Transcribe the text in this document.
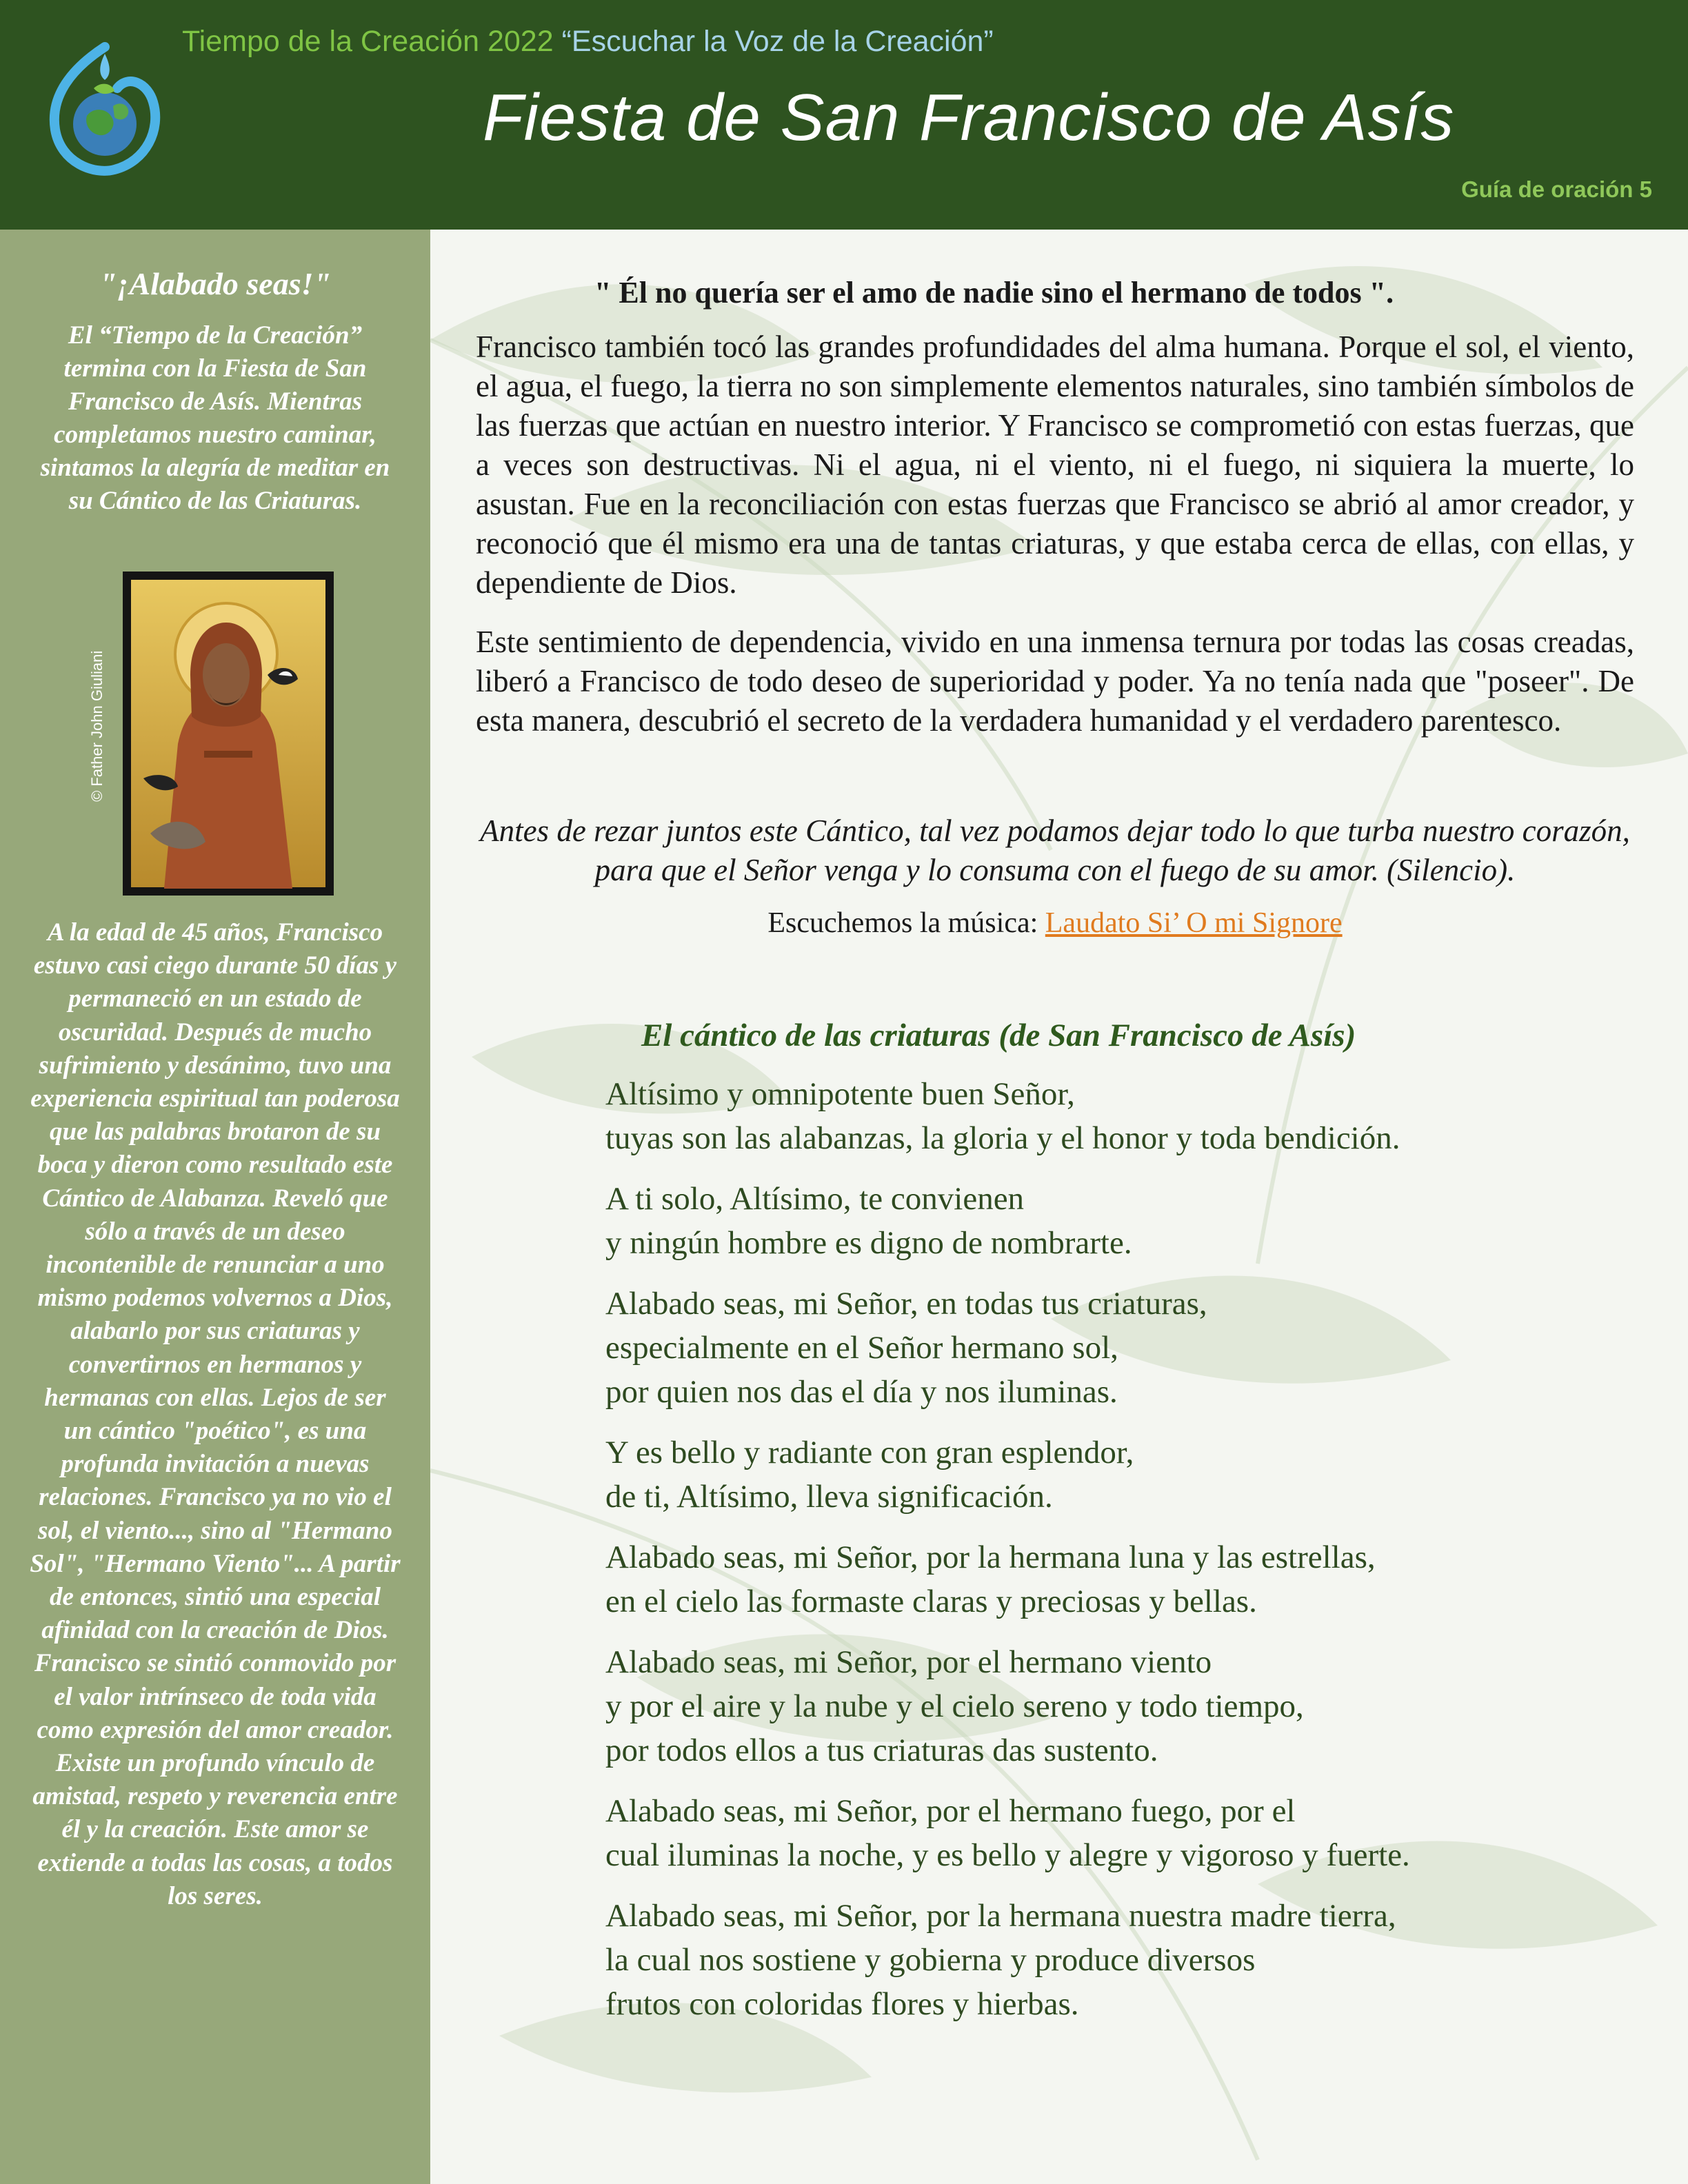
Tiempo de la Creación 2022 “Escuchar la Voz de la Creación”
Fiesta de San Francisco de Asís
Guía de oración 5
"¡Alabado seas!"
El “Tiempo de la Creación” termina con la Fiesta de San Francisco de Asís. Mientras completamos nuestro caminar, sintamos la alegría de meditar en su Cántico de las Criaturas.
© Father John Giuliani
A la edad de 45 años, Francisco estuvo casi ciego durante 50 días y permaneció en un estado de oscuridad. Después de mucho sufrimiento y desánimo, tuvo una experiencia espiritual tan poderosa que las palabras brotaron de su boca y dieron como resultado este Cántico de Alabanza. Reveló que sólo a través de un deseo incontenible de renunciar a uno mismo podemos volvernos a Dios, alabarlo por sus criaturas y convertirnos en hermanos y hermanas con ellas. Lejos de ser un cántico "poético", es una profunda invitación a nuevas relaciones. Francisco ya no vio el sol, el viento..., sino al "Hermano Sol", "Hermano Viento"... A partir de entonces, sintió una especial afinidad con la creación de Dios. Francisco se sintió conmovido por el valor intrínseco de toda vida como expresión del amor creador. Existe un profundo vínculo de amistad, respeto y reverencia entre él y la creación. Este amor se extiende a todas las cosas, a todos los seres.
" Él no quería ser el amo de nadie sino el hermano de todos ".
Francisco también tocó las grandes profundidades del alma humana. Porque el sol, el viento, el agua, el fuego, la tierra no son simplemente elementos naturales, sino también símbolos de las fuerzas que actúan en nuestro interior. Y Francisco se comprometió con estas fuerzas, que a veces son destructivas. Ni el agua, ni el viento, ni el fuego, ni siquiera la muerte, lo asustan. Fue en la reconciliación con estas fuerzas que Francisco se abrió al amor creador, y reconoció que él mismo era una de tantas criaturas, y que estaba cerca de ellas, con ellas, y dependiente de Dios.
Este sentimiento de dependencia, vivido en una inmensa ternura por todas las cosas creadas, liberó a Francisco de todo deseo de superioridad y poder. Ya no tenía nada que "poseer". De esta manera, descubrió el secreto de la verdadera humanidad y el verdadero parentesco.
Antes de rezar juntos este Cántico, tal vez podamos dejar todo lo que turba nuestro corazón, para que el Señor venga y lo consuma con el fuego de su amor. (Silencio).
Escuchemos la música: Laudato Si’ O mi Signore
El cántico de las criaturas (de San Francisco de Asís)
Altísimo y omnipotente buen Señor,
tuyas son las alabanzas, la gloria y el honor y toda bendición.
A ti solo, Altísimo, te convienen
y ningún hombre es digno de nombrarte.
Alabado seas, mi Señor, en todas tus criaturas,
especialmente en el Señor hermano sol,
por quien nos das el día y nos iluminas.
Y es bello y radiante con gran esplendor,
de ti, Altísimo, lleva significación.
Alabado seas, mi Señor, por la hermana luna y las estrellas,
en el cielo las formaste claras y preciosas y bellas.
Alabado seas, mi Señor, por el hermano viento
y por el aire y la nube y el cielo sereno y todo tiempo,
por todos ellos a tus criaturas das sustento.
Alabado seas, mi Señor, por el hermano fuego, por el
cual iluminas la noche, y es bello y alegre y vigoroso y fuerte.
Alabado seas, mi Señor, por la hermana nuestra madre tierra,
la cual nos sostiene y gobierna y produce diversos
frutos con coloridas flores y hierbas.
